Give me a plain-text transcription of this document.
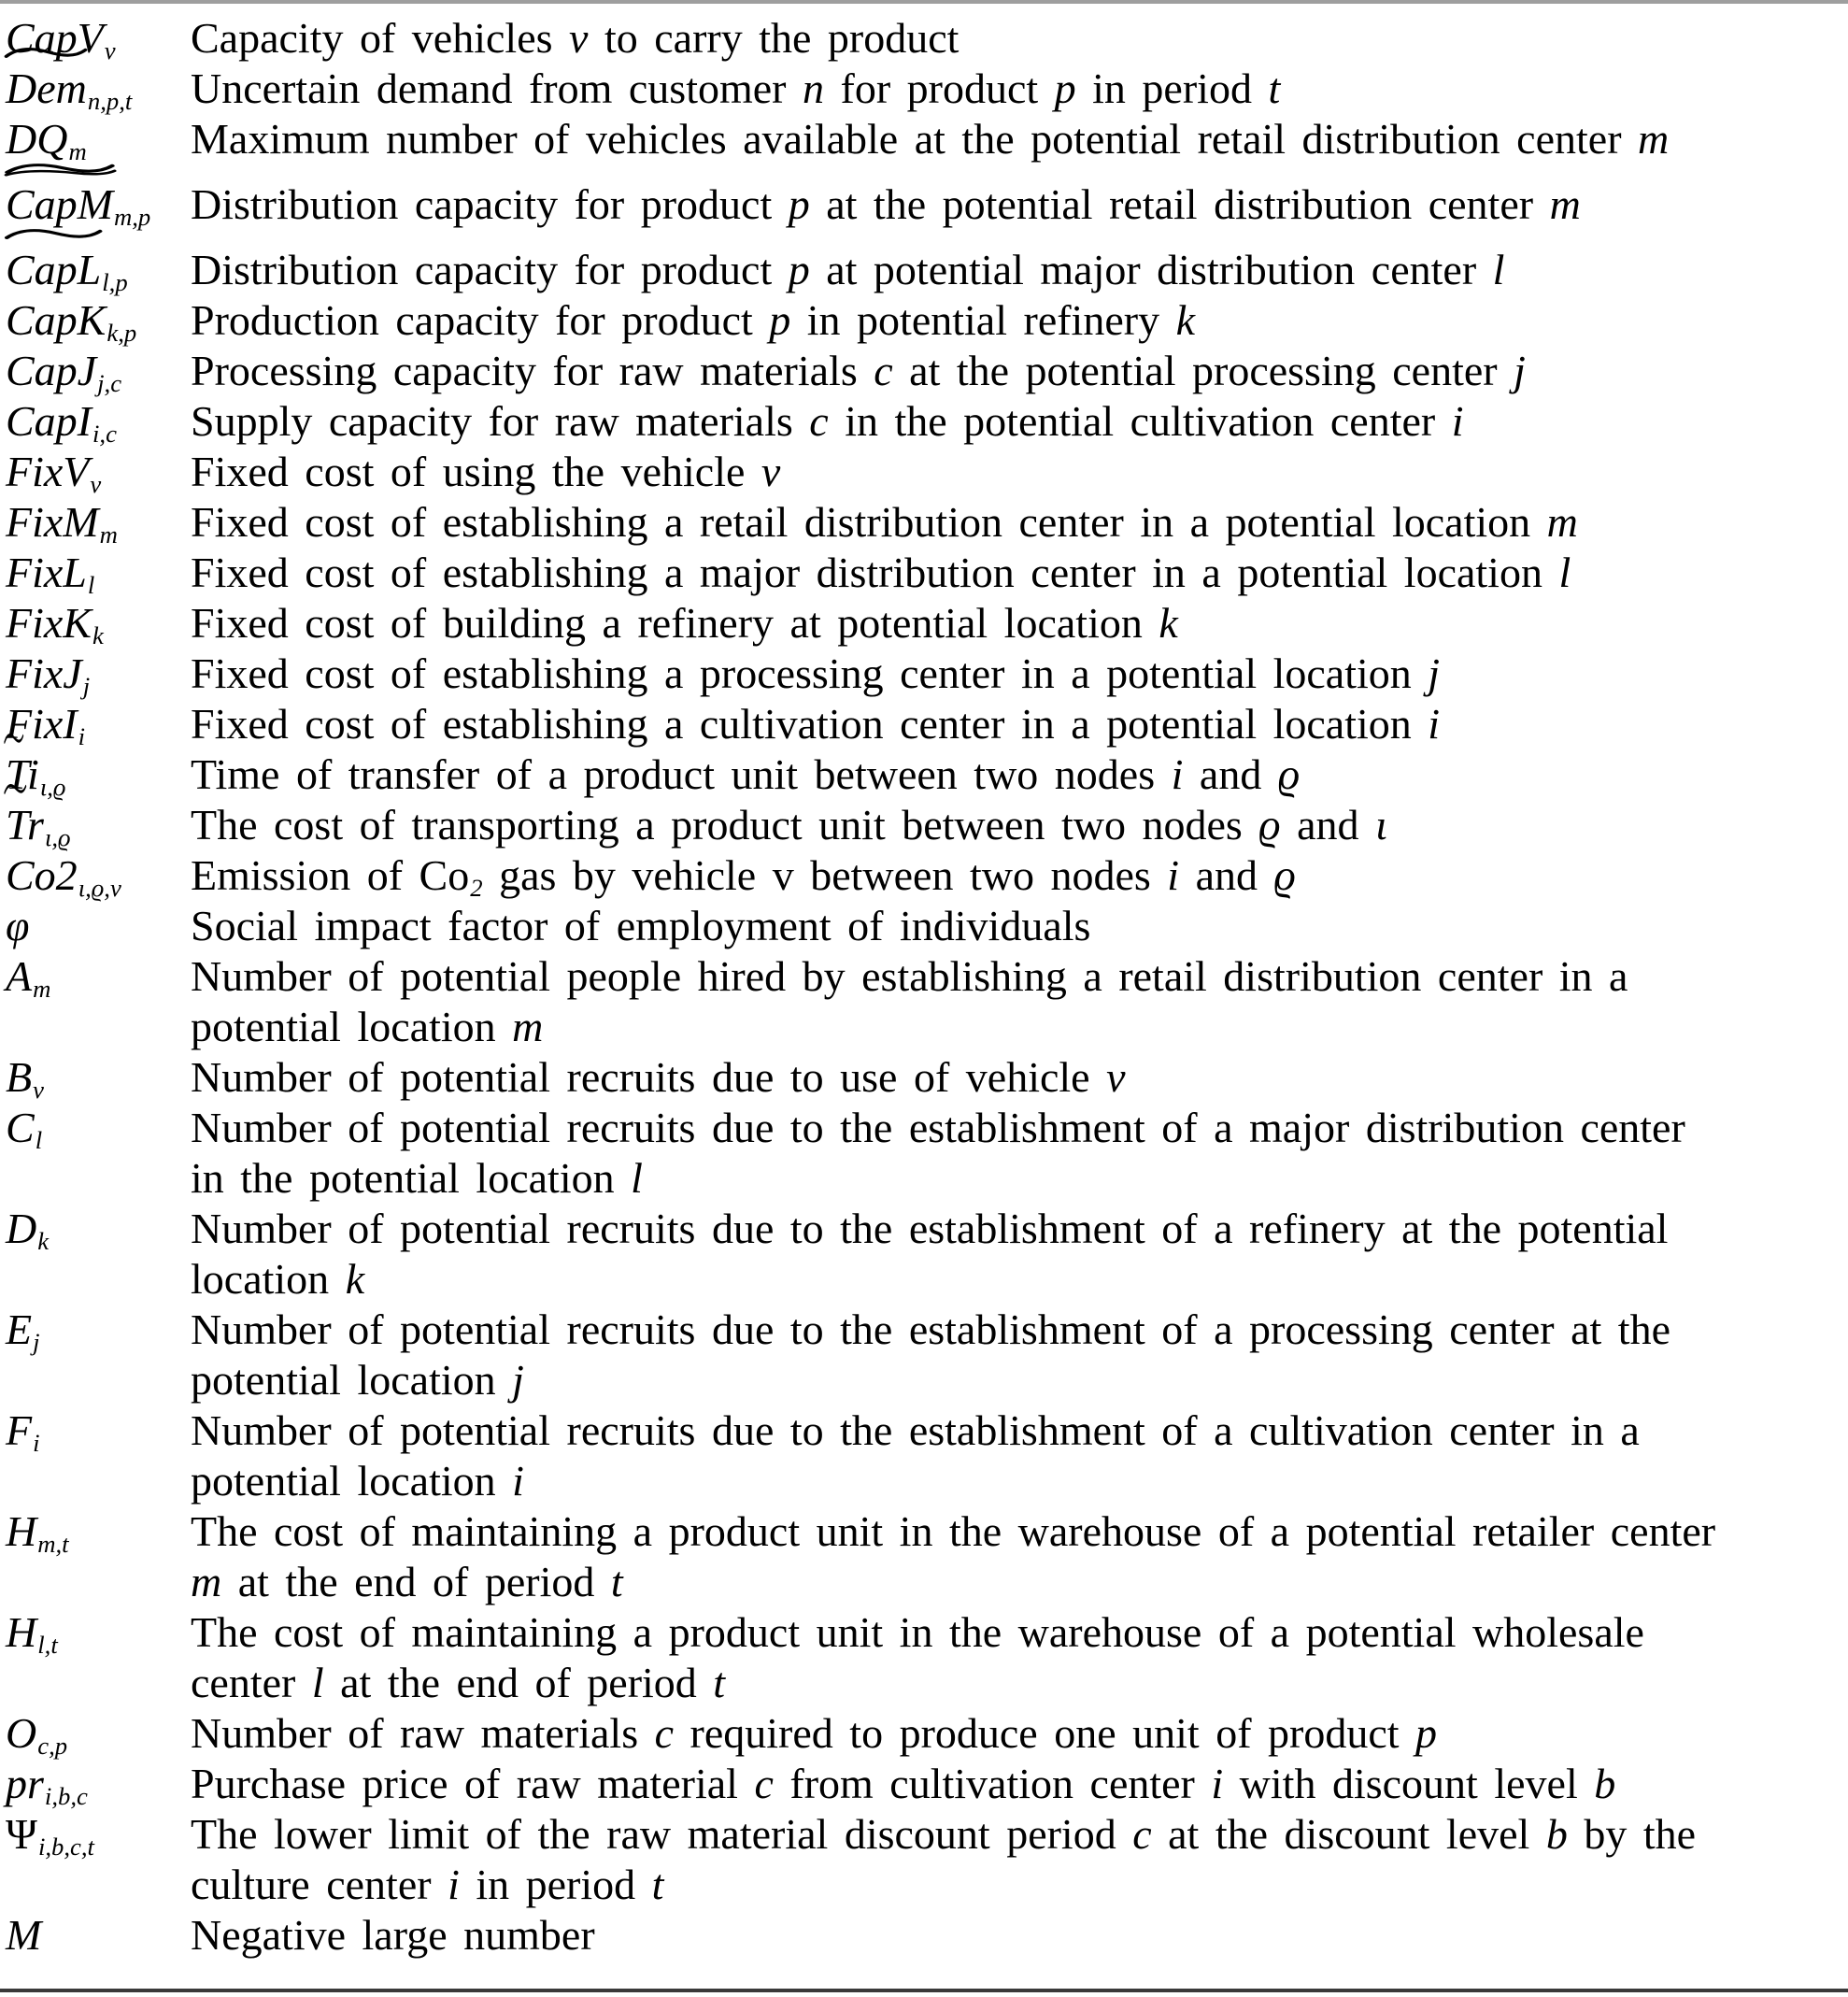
CapV$_v$	Capacity of vehicles v to carry the product
Dem$_{n,p,t}$	Uncertain demand from customer n for product p in period t
$DQ_m$	Maximum number of vehicles available at the potential retail distribution center m
CapM$_{m,p}$ Distribution capacity for product p at the potential retail distribution center m
CapL$_{l,p}$	Distribution capacity for product p at potential major distribution center l
CapK$_{k,p}$	Production capacity for product p in potential refinery k
CapJ$_{j,c}$	Processing capacity for raw materials c at the potential processing center j
CapI$_{i,c}$	Supply capacity for raw materials c in the potential cultivation center i
FixV$_v$	Fixed cost of using the vehicle v
FixM$_m$	Fixed cost of establishing a retail distribution center in a potential location m
FixL$_l$	Fixed cost of establishing a major distribution center in a potential location l
FixK$_k$	Fixed cost of building a refinery at potential location k
FixJ$_j$	Fixed cost of establishing a processing center in a potential location j
FixI$_i$	Fixed cost of establishing a cultivation center in a potential location i
$Ti_{\iota,ϱ}$	Time of transfer of a product unit between two nodes i and ϱ
$Tr_{\iota,ϱ}$	The cost of transporting a product unit between two nodes ϱ and ι
$Co2_{\iota,ϱ,v}$	Emission of $Co_2$ gas by vehicle v between two nodes i and ϱ
φ	Social impact factor of employment of individuals
$A_m$	Number of potential people hired by establishing a retail distribution center in a
potential location m
$B_v$	Number of potential recruits due to use of vehicle v
$C_l$	Number of potential recruits due to the establishment of a major distribution center
in the potential location l
$D_k$	Number of potential recruits due to the establishment of a refinery at the potential
location k
$E_j$	Number of potential recruits due to the establishment of a processing center at the
potential location j
$F_i$	Number of potential recruits due to the establishment of a cultivation center in a
potential location i
$H_{m,t}$	The cost of maintaining a product unit in the warehouse of a potential retailer center
m at the end of period t
$H_{l,t}$	The cost of maintaining a product unit in the warehouse of a potential wholesale
center l at the end of period t
$O_{c,p}$	Number of raw materials c required to produce one unit of product p
$pr_{i,b,c}$	Purchase price of raw material c from cultivation center i with discount level b
$\Psi_{i,b,c,t}$	The lower limit of the raw material discount period c at the discount level b by the
culture center i in period t
M	Negative large number
